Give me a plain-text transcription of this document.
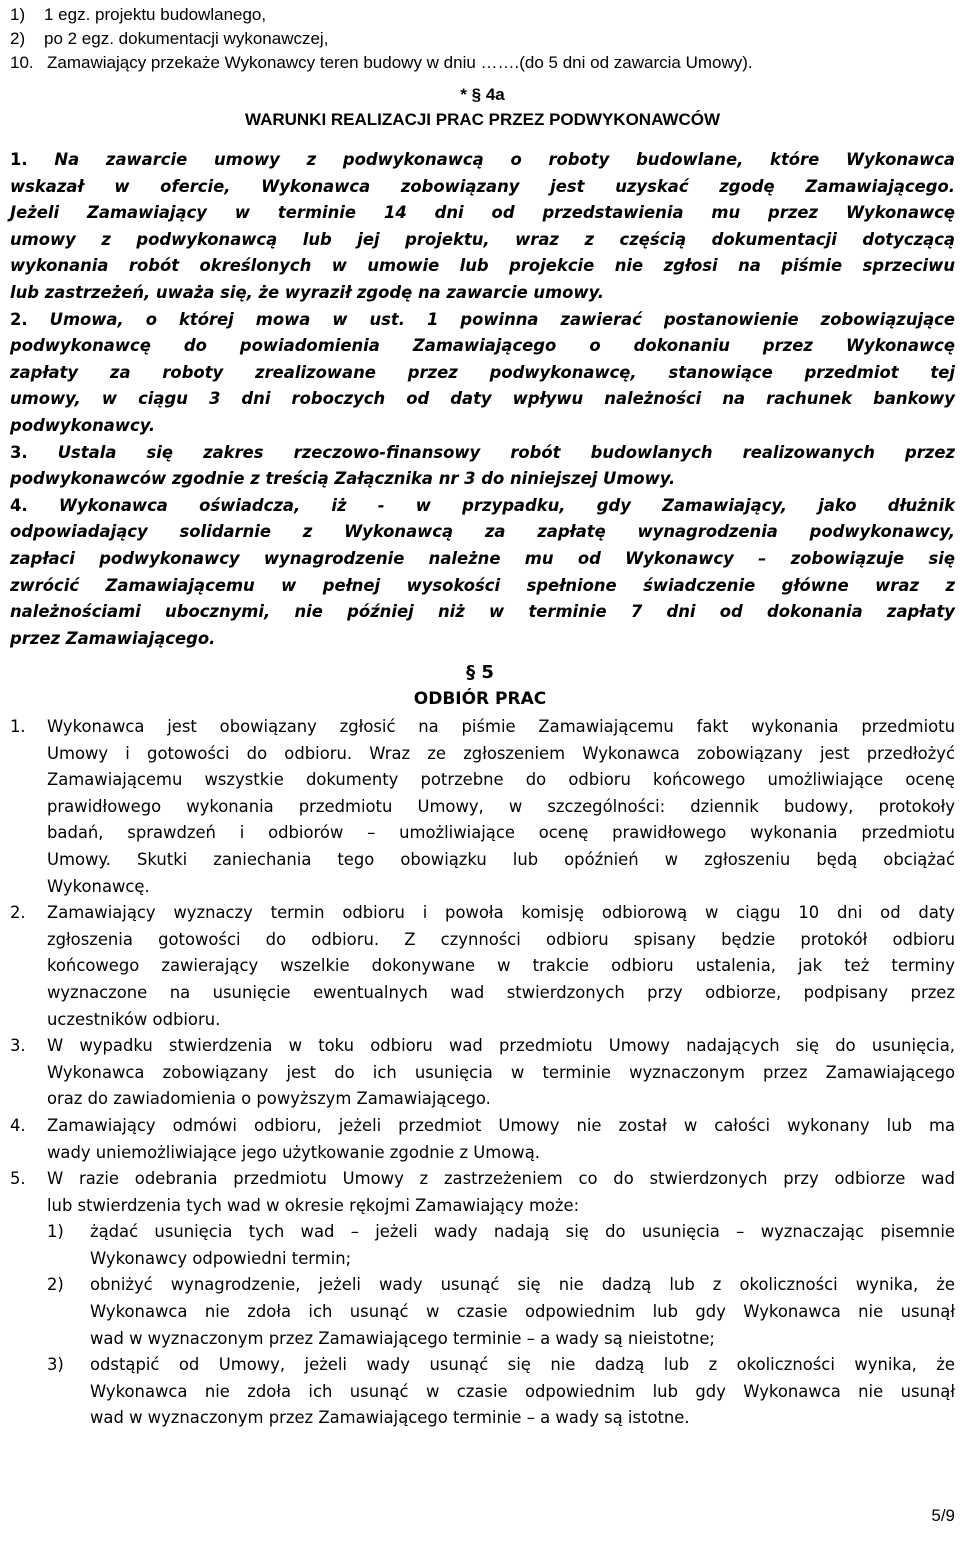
1)	1 egz. projektu budowlanego,
2)	po 2 egz. dokumentacji wykonawczej,
10. Zamawiający przekaże Wykonawcy teren budowy w dniu …….(do 5 dni od zawarcia Umowy).
* § 4a
WARUNKI REALIZACJI PRAC PRZEZ PODWYKONAWCÓW
1. Na zawarcie umowy z podwykonawcą o roboty budowlane, które Wykonawca
wskazał w ofercie, Wykonawca zobowiązany jest uzyskać zgodę Zamawiającego.
Jeżeli Zamawiający w terminie 14 dni od przedstawienia mu przez Wykonawcę
umowy z podwykonawcą lub jej projektu, wraz z częścią dokumentacji dotyczącą
wykonania robót określonych w umowie lub projekcie nie zgłosi na piśmie sprzeciwu
lub zastrzeżeń, uważa się, że wyraził zgodę na zawarcie umowy.
2. Umowa, o której mowa w ust. 1 powinna zawierać postanowienie zobowiązujące
podwykonawcę do powiadomienia Zamawiającego o dokonaniu przez Wykonawcę
zapłaty za roboty zrealizowane przez podwykonawcę, stanowiące przedmiot tej
umowy, w ciągu 3 dni roboczych od daty wpływu należności na rachunek bankowy
podwykonawcy.
3. Ustala się zakres rzeczowo-finansowy robót budowlanych realizowanych przez
podwykonawców zgodnie z treścią Załącznika nr 3 do niniejszej Umowy.
4. Wykonawca oświadcza, iż - w przypadku, gdy Zamawiający, jako dłużnik
odpowiadający solidarnie z Wykonawcą za zapłatę wynagrodzenia podwykonawcy,
zapłaci podwykonawcy wynagrodzenie należne mu od Wykonawcy – zobowiązuje się
zwrócić Zamawiającemu w pełnej wysokości spełnione świadczenie główne wraz z
należnościami ubocznymi, nie później niż w terminie 7 dni od dokonania zapłaty
przez Zamawiającego.
§ 5
ODBIÓR PRAC
1.	Wykonawca jest obowiązany zgłosić na piśmie Zamawiającemu fakt wykonania przedmiotu
Umowy i gotowości do odbioru. Wraz ze zgłoszeniem Wykonawca zobowiązany jest przedłożyć
Zamawiającemu wszystkie dokumenty potrzebne do odbioru końcowego umożliwiające ocenę
prawidłowego wykonania przedmiotu Umowy, w szczególności: dziennik budowy, protokoły
badań, sprawdzeń i odbiorów – umożliwiające ocenę prawidłowego wykonania przedmiotu
Umowy. Skutki zaniechania tego obowiązku lub opóźnień w zgłoszeniu będą obciążać
Wykonawcę.
2.	Zamawiający wyznaczy termin odbioru i powoła komisję odbiorową w ciągu 10 dni od daty
zgłoszenia gotowości do odbioru. Z czynności odbioru spisany będzie protokół odbioru
końcowego zawierający wszelkie dokonywane w trakcie odbioru ustalenia, jak też terminy
wyznaczone na usunięcie ewentualnych wad stwierdzonych przy odbiorze, podpisany przez
uczestników odbioru.
3.	W wypadku stwierdzenia w toku odbioru wad przedmiotu Umowy nadających się do usunięcia,
Wykonawca zobowiązany jest do ich usunięcia w terminie wyznaczonym przez Zamawiającego
oraz do zawiadomienia o powyższym Zamawiającego.
4.	Zamawiający odmówi odbioru, jeżeli przedmiot Umowy nie został w całości wykonany lub ma
wady uniemożliwiające jego użytkowanie zgodnie z Umową.
5.	W razie odebrania przedmiotu Umowy z zastrzeżeniem co do stwierdzonych przy odbiorze wad
lub stwierdzenia tych wad w okresie rękojmi Zamawiający może:
1)	żądać usunięcia tych wad – jeżeli wady nadają się do usunięcia – wyznaczając pisemnie
Wykonawcy odpowiedni termin;
2)	obniżyć wynagrodzenie, jeżeli wady usunąć się nie dadzą lub z okoliczności wynika, że
Wykonawca nie zdoła ich usunąć w czasie odpowiednim lub gdy Wykonawca nie usunął
wad w wyznaczonym przez Zamawiającego terminie – a wady są nieistotne;
3)	odstąpić od Umowy, jeżeli wady usunąć się nie dadzą lub z okoliczności wynika, że
Wykonawca nie zdoła ich usunąć w czasie odpowiednim lub gdy Wykonawca nie usunął
wad w wyznaczonym przez Zamawiającego terminie – a wady są istotne.
5/9
